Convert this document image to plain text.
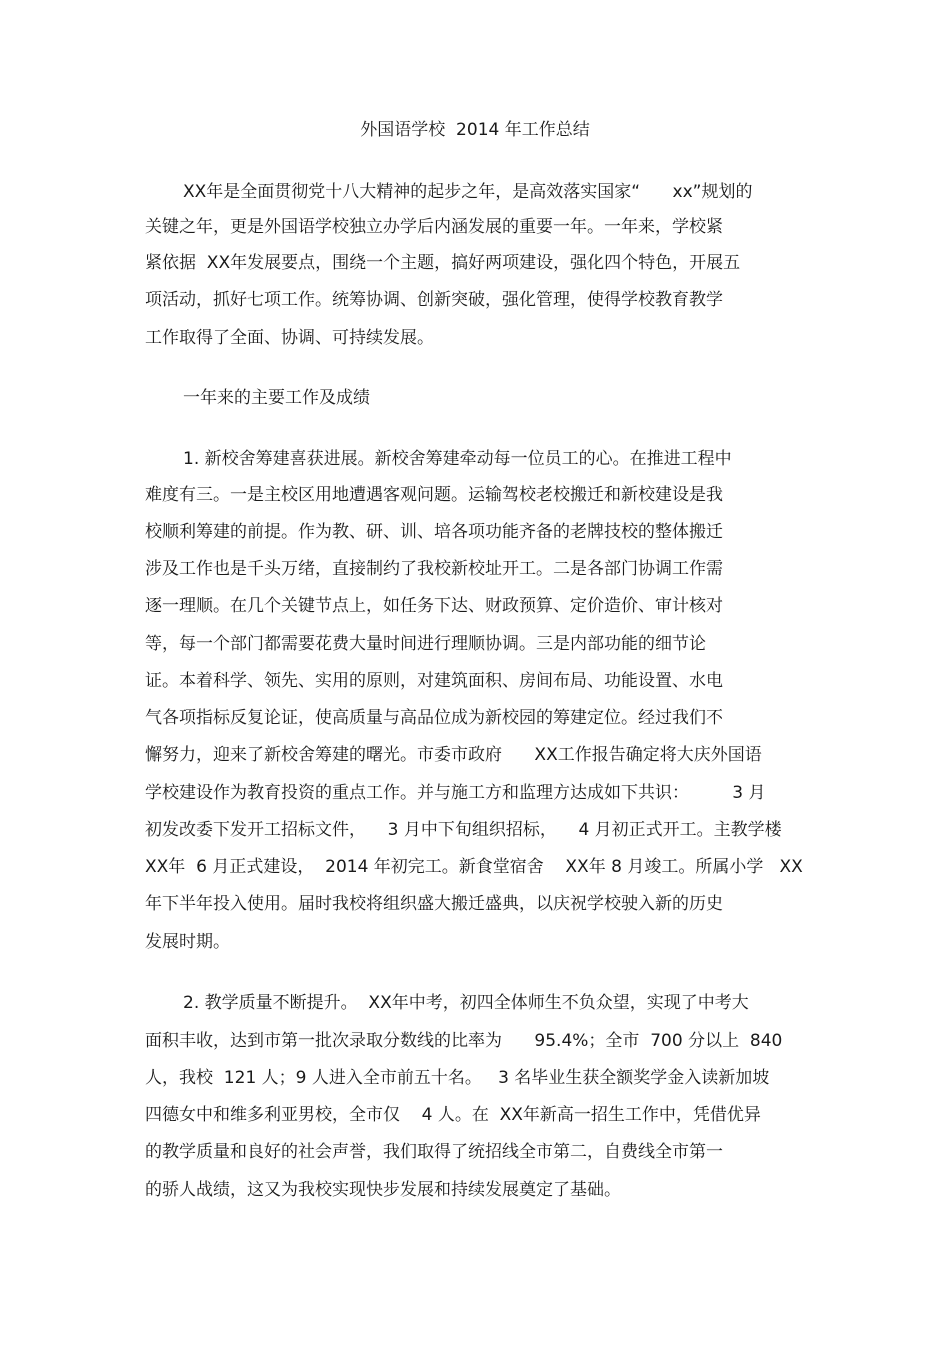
外国语学校  2014 年工作总结
XX年是全面贯彻党十八大精神的起步之年，是高效落实国家“      xx”规划的
关键之年，更是外国语学校独立办学后内涵发展的重要一年。一年来，学校紧
紧依据  XX年发展要点，围绕一个主题，搞好两项建设，强化四个特色，开展五
项活动，抓好七项工作。统筹协调、创新突破，强化管理，使得学校教育教学
工作取得了全面、协调、可持续发展。
一年来的主要工作及成绩
1. 新校舍筹建喜获进展。新校舍筹建牵动每一位员工的心。在推进工程中
难度有三。一是主校区用地遭遇客观问题。运输驾校老校搬迁和新校建设是我
校顺利筹建的前提。作为教、研、训、培各项功能齐备的老牌技校的整体搬迁
涉及工作也是千头万绪，直接制约了我校新校址开工。二是各部门协调工作需
逐一理顺。在几个关键节点上，如任务下达、财政预算、定价造价、审计核对
等，每一个部门都需要花费大量时间进行理顺协调。三是内部功能的细节论
证。本着科学、领先、实用的原则，对建筑面积、房间布局、功能设置、水电
气各项指标反复论证，使高质量与高品位成为新校园的筹建定位。经过我们不
懈努力，迎来了新校舍筹建的曙光。市委市政府      XX工作报告确定将大庆外国语
学校建设作为教育投资的重点工作。并与施工方和监理方达成如下共识：        3 月
初发改委下发开工招标文件，    3 月中下旬组织招标，    4 月初正式开工。主教学楼
XX年  6 月正式建设，  2014 年初完工。新食堂宿舍    XX年 8 月竣工。所属小学   XX
年下半年投入使用。届时我校将组织盛大搬迁盛典，以庆祝学校驶入新的历史
发展时期。
2. 教学质量不断提升。  XX年中考，初四全体师生不负众望，实现了中考大
面积丰收，达到市第一批次录取分数线的比率为      95.4%；全市  700 分以上  840
人，我校  121 人；9 人进入全市前五十名。   3 名毕业生获全额奖学金入读新加坡
四德女中和维多利亚男校，全市仅    4 人。在  XX年新高一招生工作中，凭借优异
的教学质量和良好的社会声誉，我们取得了统招线全市第二，自费线全市第一
的骄人战绩，这又为我校实现快步发展和持续发展奠定了基础。
